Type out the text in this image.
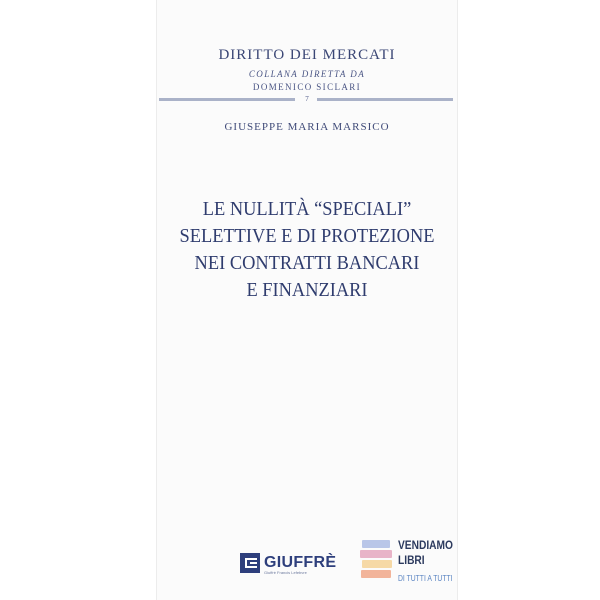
DIRITTO DEI MERCATI
COLLANA DIRETTA DA
DOMENICO SICLARI
7
GIUSEPPE MARIA MARSICO
LE NULLITÀ “SPECIALI”
SELETTIVE E DI PROTEZIONE
NEI CONTRATTI BANCARI
E FINANZIARI
GIUFFRÈ
Giuffrè Francis Lefebvre
VENDIAMO
LIBRI
DI TUTTI A TUTTI
